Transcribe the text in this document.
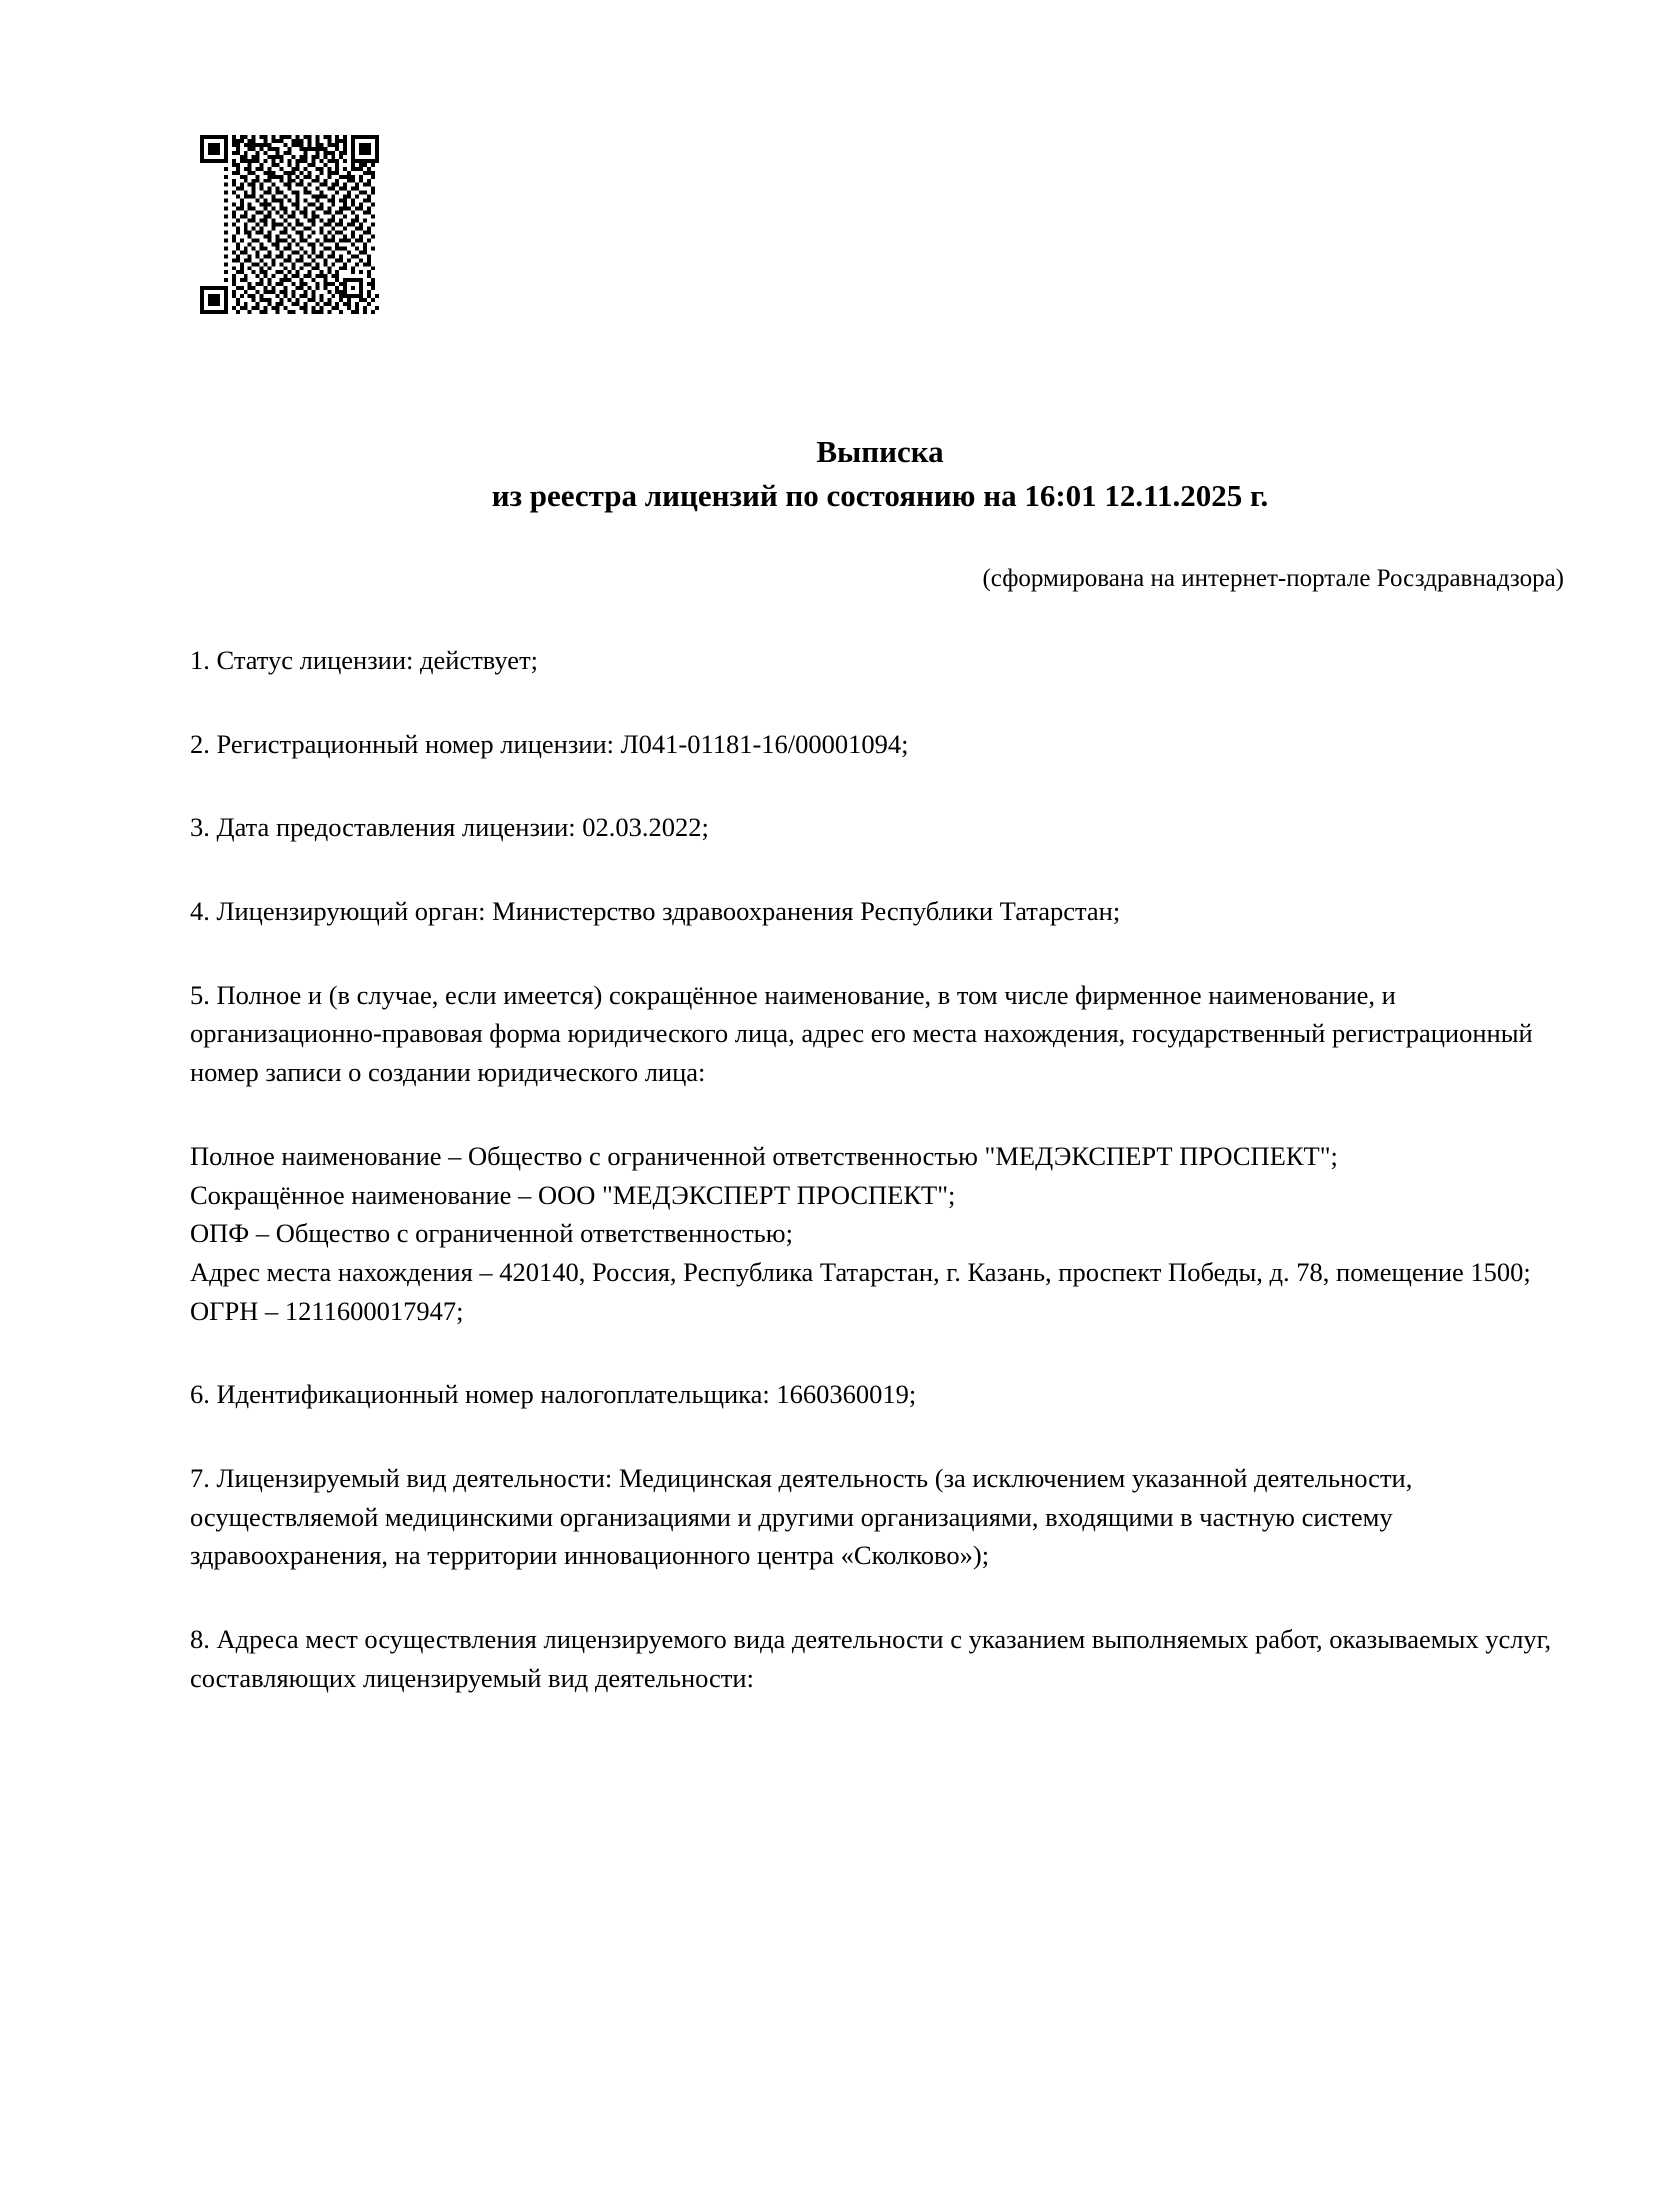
Выписка
из реестра лицензий по состоянию на 16:01 12.11.2025 г.
(сформирована на интернет-портале Росздравнадзора)

1. Статус лицензии: действует;

2. Регистрационный номер лицензии: Л041-01181-16/00001094;

3. Дата предоставления лицензии: 02.03.2022;

4. Лицензирующий орган: Министерство здравоохранения Республики Татарстан;

5. Полное и (в случае, если имеется) сокращённое наименование, в том числе фирменное наименование, и организационно-правовая форма юридического лица, адрес его места нахождения, государственный регистрационный номер записи о создании юридического лица:

Полное наименование – Общество с ограниченной ответственностью "МЕДЭКСПЕРТ ПРОСПЕКТ";
Сокращённое наименование – ООО "МЕДЭКСПЕРТ ПРОСПЕКТ";
ОПФ – Общество с ограниченной ответственностью;
Адрес места нахождения – 420140, Россия, Республика Татарстан, г. Казань, проспект Победы, д. 78, помещение 1500;
ОГРН – 1211600017947;

6. Идентификационный номер налогоплательщика: 1660360019;

7. Лицензируемый вид деятельности: Медицинская деятельность (за исключением указанной деятельности, осуществляемой медицинскими организациями и другими организациями, входящими в частную систему здравоохранения, на территории инновационного центра «Сколково»);

8. Адреса мест осуществления лицензируемого вида деятельности с указанием выполняемых работ, оказываемых услуг, составляющих лицензируемый вид деятельности:
